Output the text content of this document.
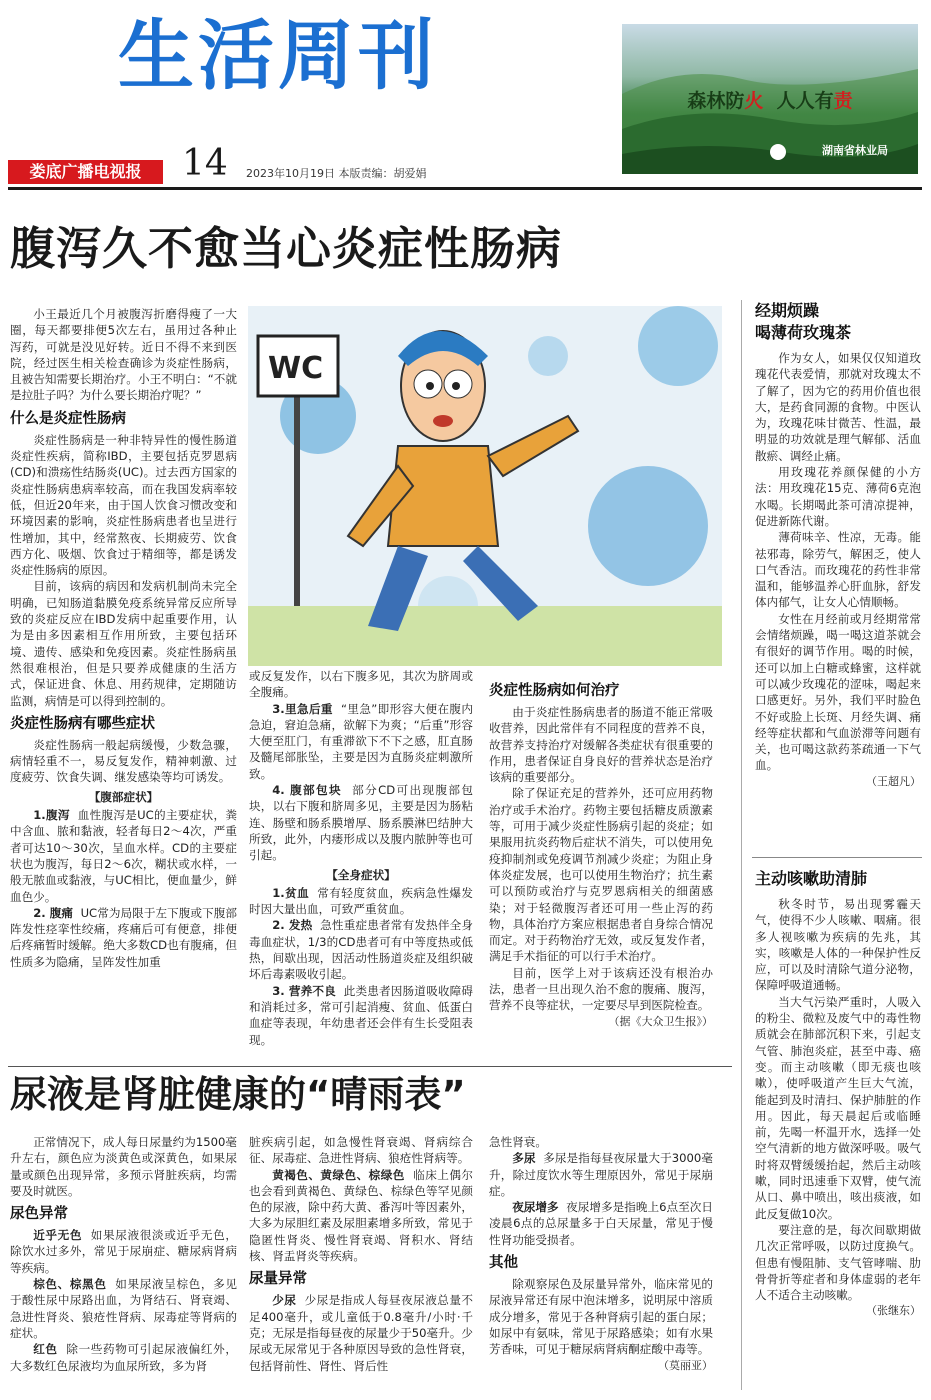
生活周刊
森林防火 人人有责
湖南省林业局
娄底广播电视报	14 2023年10月19日 本版责编：胡爱娟
腹泻久不愈当心炎症性肠病
WC

小王最近几个月被腹泻折磨得瘦了一大圈，每天都要排便5次左右，虽用过各种止泻药，可就是没见好转。近日不得不来到医院，经过医生相关检查确诊为炎症性肠病，且被告知需要长期治疗。小王不明白：“不就是拉肚子吗？为什么要长期治疗呢？”

什么是炎症性肠病

炎症性肠病是一种非特异性的慢性肠道炎症性疾病，简称IBD，主要包括克罗恩病(CD)和溃疡性结肠炎(UC)。过去西方国家的炎症性肠病患病率较高，而在我国发病率较低，但近20年来，由于国人饮食习惯改变和环境因素的影响，炎症性肠病患者也呈进行性增加，其中，经常熬夜、长期疲劳、饮食西方化、吸烟、饮食过于精细等，都是诱发炎症性肠病的原因。

目前，该病的病因和发病机制尚未完全明确，已知肠道黏膜免疫系统异常反应所导致的炎症反应在IBD发病中起重要作用，认为是由多因素相互作用所致，主要包括环境、遗传、感染和免疫因素。炎症性肠病虽然很难根治，但是只要养成健康的生活方式，保证进食、休息、用药规律，定期随访监测，病情是可以得到控制的。

炎症性肠病有哪些症状

炎症性肠病一般起病缓慢，少数急骤，病情轻重不一，易反复发作，精神刺激、过度疲劳、饮食失调、继发感染等均可诱发。

【腹部症状】

1.腹泻 血性腹泻是UC的主要症状，粪中含血、脓和黏液，轻者每日2～4次，严重者可达10～30次，呈血水样。CD的主要症状也为腹泻，每日2～6次，糊状或水样，一般无脓血或黏液，与UC相比，便血量少，鲜血色少。

2. 腹痛 UC常为局限于左下腹或下腹部阵发性痉挛性绞痛，疼痛后可有便意，排便后疼痛暂时缓解。绝大多数CD也有腹痛，但性质多为隐痛，呈阵发性加重

或反复发作，以右下腹多见，其次为脐周或全腹痛。

3.里急后重 “里急”即形容大便在腹内急迫，窘迫急痛，欲解下为爽；“后重”形容大便至肛门，有重滞欲下不下之感，肛直肠及髓尾部胀坠，主要是因为直肠炎症刺激所致。

4. 腹部包块 部分CD可出现腹部包块，以右下腹和脐周多见，主要是因为肠粘连、肠壁和肠系膜增厚、肠系膜淋巴结肿大所致，此外，内瘘形成以及腹内脓肿等也可引起。

【全身症状】

1.贫血 常有轻度贫血，疾病急性爆发时因大量出血，可致严重贫血。

2. 发热 急性重症患者常有发热伴全身毒血症状，1/3的CD患者可有中等度热或低热，间歇出现，因活动性肠道炎症及组织破坏后毒素吸收引起。

3. 营养不良 此类患者因肠道吸收障碍和消耗过多，常可引起消瘦、贫血、低蛋白血症等表现，年幼患者还会伴有生长受阻表现。

炎症性肠病如何治疗

由于炎症性肠病患者的肠道不能正常吸收营养，因此常伴有不同程度的营养不良，故营养支持治疗对缓解各类症状有很重要的作用，患者保证自身良好的营养状态是治疗该病的重要部分。

除了保证充足的营养外，还可应用药物治疗或手术治疗。药物主要包括糖皮质激素等，可用于减少炎症性肠病引起的炎症；如果服用抗炎药物后症状不消失，可以使用免疫抑制剂或免疫调节剂减少炎症；为阻止身体炎症发展，也可以使用生物治疗；抗生素可以预防或治疗与克罗恩病相关的细菌感染；对于轻微腹泻者还可用一些止泻的药物，具体治疗方案应根据患者自身综合情况而定。对于药物治疗无效，或反复发作者，满足手术指征的可以行手术治疗。

目前，医学上对于该病还没有根治办法，患者一旦出现久治不愈的腹痛、腹泻，营养不良等症状，一定要尽早到医院检查。

（据《大众卫生报》）

经期烦躁
喝薄荷玫瑰茶

作为女人，如果仅仅知道玫瑰花代表爱情，那就对玫瑰太不了解了，因为它的药用价值也很大，是药食同源的食物。中医认为，玫瑰花味甘微苦、性温，最明显的功效就是理气解郁、活血散瘀、调经止痛。

用玫瑰花养颜保健的小方法：用玫瑰花15克、薄荷6克泡水喝。长期喝此茶可清凉提神，促进新陈代谢。

薄荷味辛、性凉，无毒。能祛邪毒，除劳气，解困乏，使人口气香洁。而玫瑰花的药性非常温和，能够温养心肝血脉，舒发体内郁气，让女人心情顺畅。

女性在月经前或月经期常常会情绪烦躁，喝一喝这道茶就会有很好的调节作用。喝的时候，还可以加上白糖或蜂蜜，这样就可以减少玫瑰花的涩味，喝起来口感更好。另外，我们平时脸色不好或脸上长斑、月经失调、痛经等症状都和气血淤滞等问题有关，也可喝这款药茶疏通一下气血。

（王超凡）

主动咳嗽助清肺

秋冬时节，易出现雾霾天气，使得不少人咳嗽、咽痛。很多人视咳嗽为疾病的先兆，其实，咳嗽是人体的一种保护性反应，可以及时清除气道分泌物，保障呼吸道通畅。

当大气污染严重时，人吸入的粉尘、微粒及废气中的毒性物质就会在肺部沉积下来，引起支气管、肺泡炎症，甚至中毒、癌变。而主动咳嗽（即无痰也咳嗽），使呼吸道产生巨大气流，能起到及时清扫、保护肺脏的作用。因此，每天晨起后或临睡前，先喝一杯温开水，选择一处空气清新的地方做深呼吸。吸气时将双臂缓缓抬起，然后主动咳嗽，同时迅速垂下双臂，使气流从口、鼻中喷出，咳出痰液，如此反复做10次。

要注意的是，每次间歇期做几次正常呼吸，以防过度换气。但患有慢阻肺、支气管哮喘、肋骨骨折等症者和身体虚弱的老年人不适合主动咳嗽。

（张继东）

尿液是肾脏健康的“晴雨表”

正常情况下，成人每日尿量约为1500毫升左右，颜色应为淡黄色或深黄色，如果尿量或颜色出现异常，多预示肾脏疾病，均需要及时就医。

尿色异常

近乎无色 如果尿液很淡或近乎无色，除饮水过多外，常见于尿崩症、糖尿病肾病等疾病。

棕色、棕黑色 如果尿液呈棕色，多见于酸性尿中尿路出血，为肾结石、肾衰竭、急进性肾炎、狼疮性肾病、尿毒症等肾病的症状。

红色 除一些药物可引起尿液偏红外，大多数红色尿液均为血尿所致，多为肾

脏疾病引起，如急慢性肾衰竭、肾病综合征、尿毒症、急进性肾病、狼疮性肾病等。

黄褐色、黄绿色、棕绿色 临床上偶尔也会看到黄褐色、黄绿色、棕绿色等罕见颜色的尿液，除中药大黄、番泻叶等因素外，大多为尿胆红素及尿胆素增多所致，常见于隐匿性肾炎、慢性肾衰竭、肾积水、肾结核、肾盂肾炎等疾病。

尿量异常

少尿 少尿是指成人每昼夜尿液总量不足400毫升，或儿童低于0.8毫升/小时·千克；无尿是指每昼夜的尿量少于50毫升。少尿或无尿常见于各种原因导致的急性肾衰，包括肾前性、肾性、肾后性

急性肾衰。

多尿 多尿是指每昼夜尿量大于3000毫升，除过度饮水等生理原因外，常见于尿崩症。

夜尿增多 夜尿增多是指晚上6点至次日凌晨6点的总尿量多于白天尿量，常见于慢性肾功能受损者。

其他

除观察尿色及尿量异常外，临床常见的尿液异常还有尿中泡沫增多，说明尿中溶质成分增多，常见于各种肾病引起的蛋白尿；如尿中有氨味，常见于尿路感染；如有水果芳香味，可见于糖尿病肾病酮症酸中毒等。

（莫丽亚）
